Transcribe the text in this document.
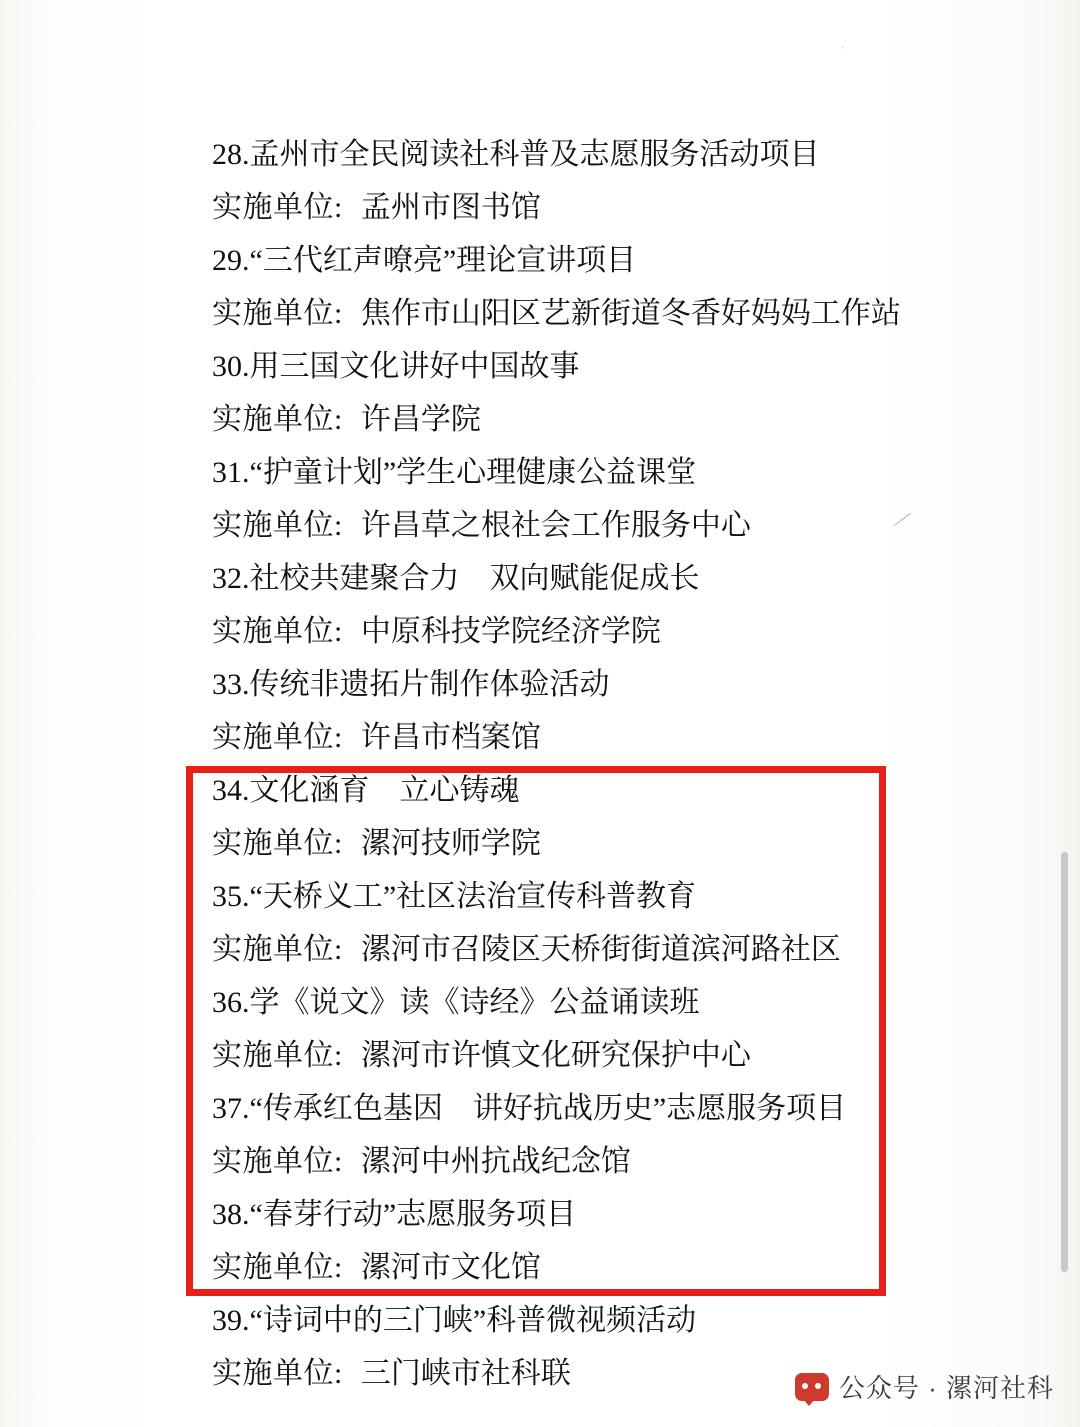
⁄
·
28.孟州市全民阅读社科普及志愿服务活动项目
实施单位: 孟州市图书馆
29.“三代红声嘹亮”理论宣讲项目
实施单位: 焦作市山阳区艺新街道冬香好妈妈工作站
30.用三国文化讲好中国故事
实施单位: 许昌学院
31.“护童计划”学生心理健康公益课堂
实施单位: 许昌草之根社会工作服务中心
32.社校共建聚合力　双向赋能促成长
实施单位: 中原科技学院经济学院
33.传统非遗拓片制作体验活动
实施单位: 许昌市档案馆
34.文化涵育　立心铸魂
实施单位: 漯河技师学院
35.“天桥义工”社区法治宣传科普教育
实施单位: 漯河市召陵区天桥街街道滨河路社区
36.学《说文》读《诗经》公益诵读班
实施单位: 漯河市许慎文化研究保护中心
37.“传承红色基因　讲好抗战历史”志愿服务项目
实施单位: 漯河中州抗战纪念馆
38.“春芽行动”志愿服务项目
实施单位: 漯河市文化馆
39.“诗词中的三门峡”科普微视频活动
实施单位: 三门峡市社科联	公众号 · 漯河社科
